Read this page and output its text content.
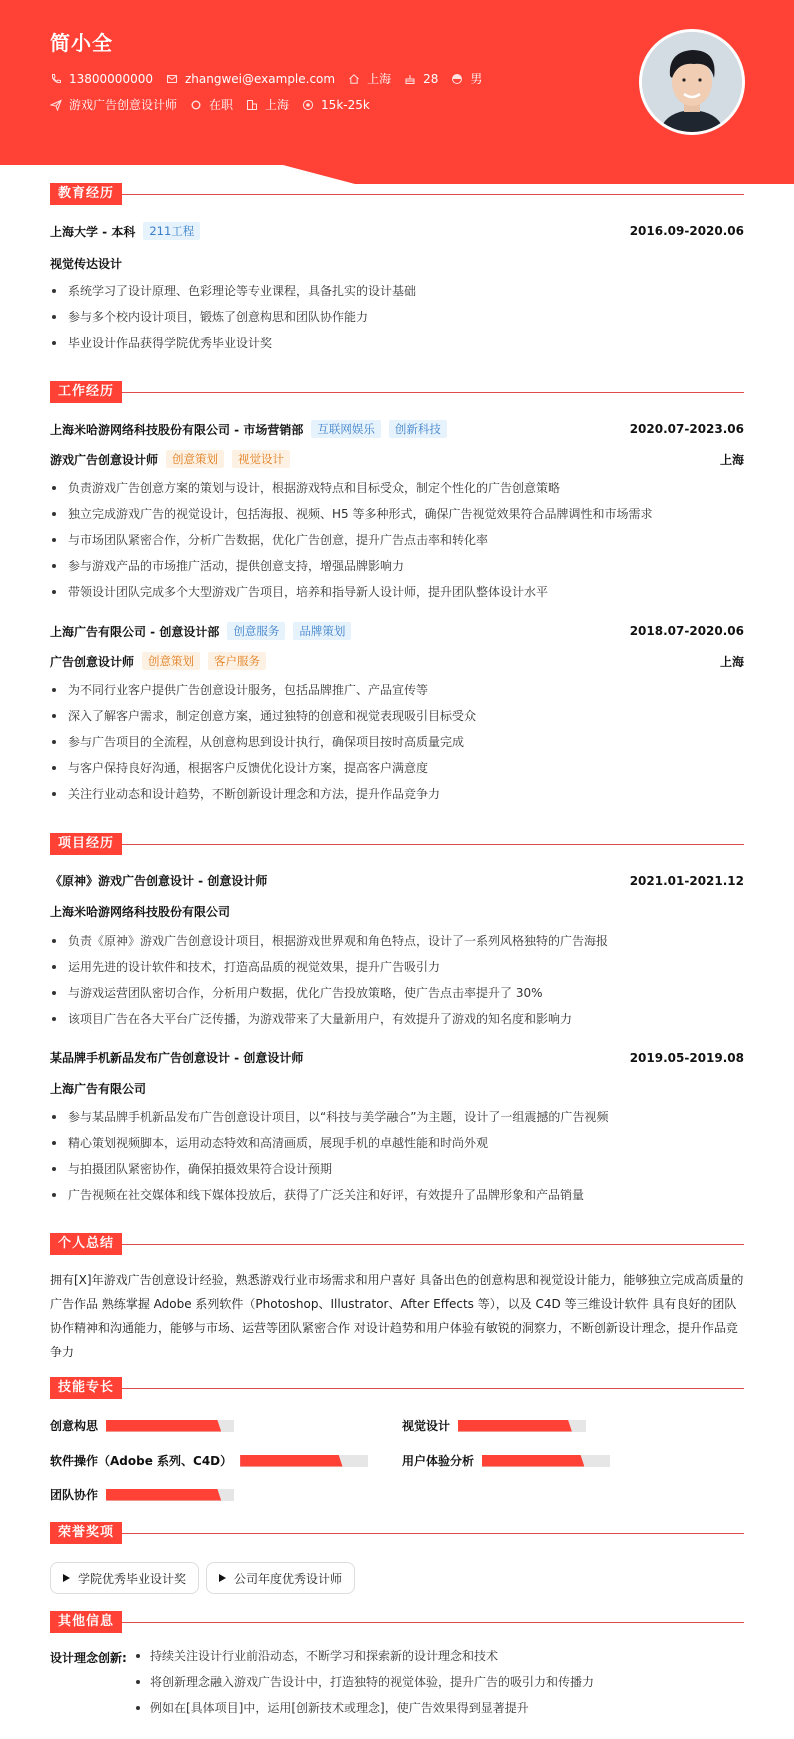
简小全
13800000000	zhangwei@example.com	上海	28	男
游戏广告创意设计师	在职	上海	15k-25k
教育经历
上海大学 - 本科	211工程	2016.09-2020.06
视觉传达设计
系统学习了设计原理、色彩理论等专业课程，具备扎实的设计基础
参与多个校内设计项目，锻炼了创意构思和团队协作能力
毕业设计作品获得学院优秀毕业设计奖
工作经历
上海米哈游网络科技股份有限公司 - 市场营销部	互联网娱乐	创新科技	2020.07-2023.06
游戏广告创意设计师	创意策划	视觉设计	上海
负责游戏广告创意方案的策划与设计，根据游戏特点和目标受众，制定个性化的广告创意策略
独立完成游戏广告的视觉设计，包括海报、视频、H5 等多种形式，确保广告视觉效果符合品牌调性和市场需求
与市场团队紧密合作，分析广告数据，优化广告创意，提升广告点击率和转化率
参与游戏产品的市场推广活动，提供创意支持，增强品牌影响力
带领设计团队完成多个大型游戏广告项目，培养和指导新人设计师，提升团队整体设计水平
上海广告有限公司 - 创意设计部	创意服务	品牌策划	2018.07-2020.06
广告创意设计师	创意策划	客户服务	上海
为不同行业客户提供广告创意设计服务，包括品牌推广、产品宣传等
深入了解客户需求，制定创意方案，通过独特的创意和视觉表现吸引目标受众
参与广告项目的全流程，从创意构思到设计执行，确保项目按时高质量完成
与客户保持良好沟通，根据客户反馈优化设计方案，提高客户满意度
关注行业动态和设计趋势，不断创新设计理念和方法，提升作品竞争力
项目经历
《原神》游戏广告创意设计 - 创意设计师	2021.01-2021.12
上海米哈游网络科技股份有限公司
负责《原神》游戏广告创意设计项目，根据游戏世界观和角色特点，设计了一系列风格独特的广告海报
运用先进的设计软件和技术，打造高品质的视觉效果，提升广告吸引力
与游戏运营团队密切合作，分析用户数据，优化广告投放策略，使广告点击率提升了 30%
该项目广告在各大平台广泛传播，为游戏带来了大量新用户，有效提升了游戏的知名度和影响力
某品牌手机新品发布广告创意设计 - 创意设计师	2019.05-2019.08
上海广告有限公司
参与某品牌手机新品发布广告创意设计项目，以“科技与美学融合”为主题，设计了一组震撼的广告视频
精心策划视频脚本，运用动态特效和高清画质，展现手机的卓越性能和时尚外观
与拍摄团队紧密协作，确保拍摄效果符合设计预期
广告视频在社交媒体和线下媒体投放后，获得了广泛关注和好评，有效提升了品牌形象和产品销量
个人总结
拥有[X]年游戏广告创意设计经验，熟悉游戏行业市场需求和用户喜好 具备出色的创意构思和视觉设计能力，能够独立完成高质量的广告作品 熟练掌握 Adobe 系列软件（Photoshop、Illustrator、After Effects 等），以及 C4D 等三维设计软件 具有良好的团队协作精神和沟通能力，能够与市场、运营等团队紧密合作 对设计趋势和用户体验有敏锐的洞察力，不断创新设计理念，提升作品竞争力
技能专长
创意构思	视觉设计
软件操作（Adobe 系列、C4D）	用户体验分析
团队协作
荣誉奖项
学院优秀毕业设计奖	公司年度优秀设计师
其他信息
设计理念创新:	持续关注设计行业前沿动态，不断学习和探索新的设计理念和技术
将创新理念融入游戏广告设计中，打造独特的视觉体验，提升广告的吸引力和传播力
例如在[具体项目]中，运用[创新技术或理念]，使广告效果得到显著提升
